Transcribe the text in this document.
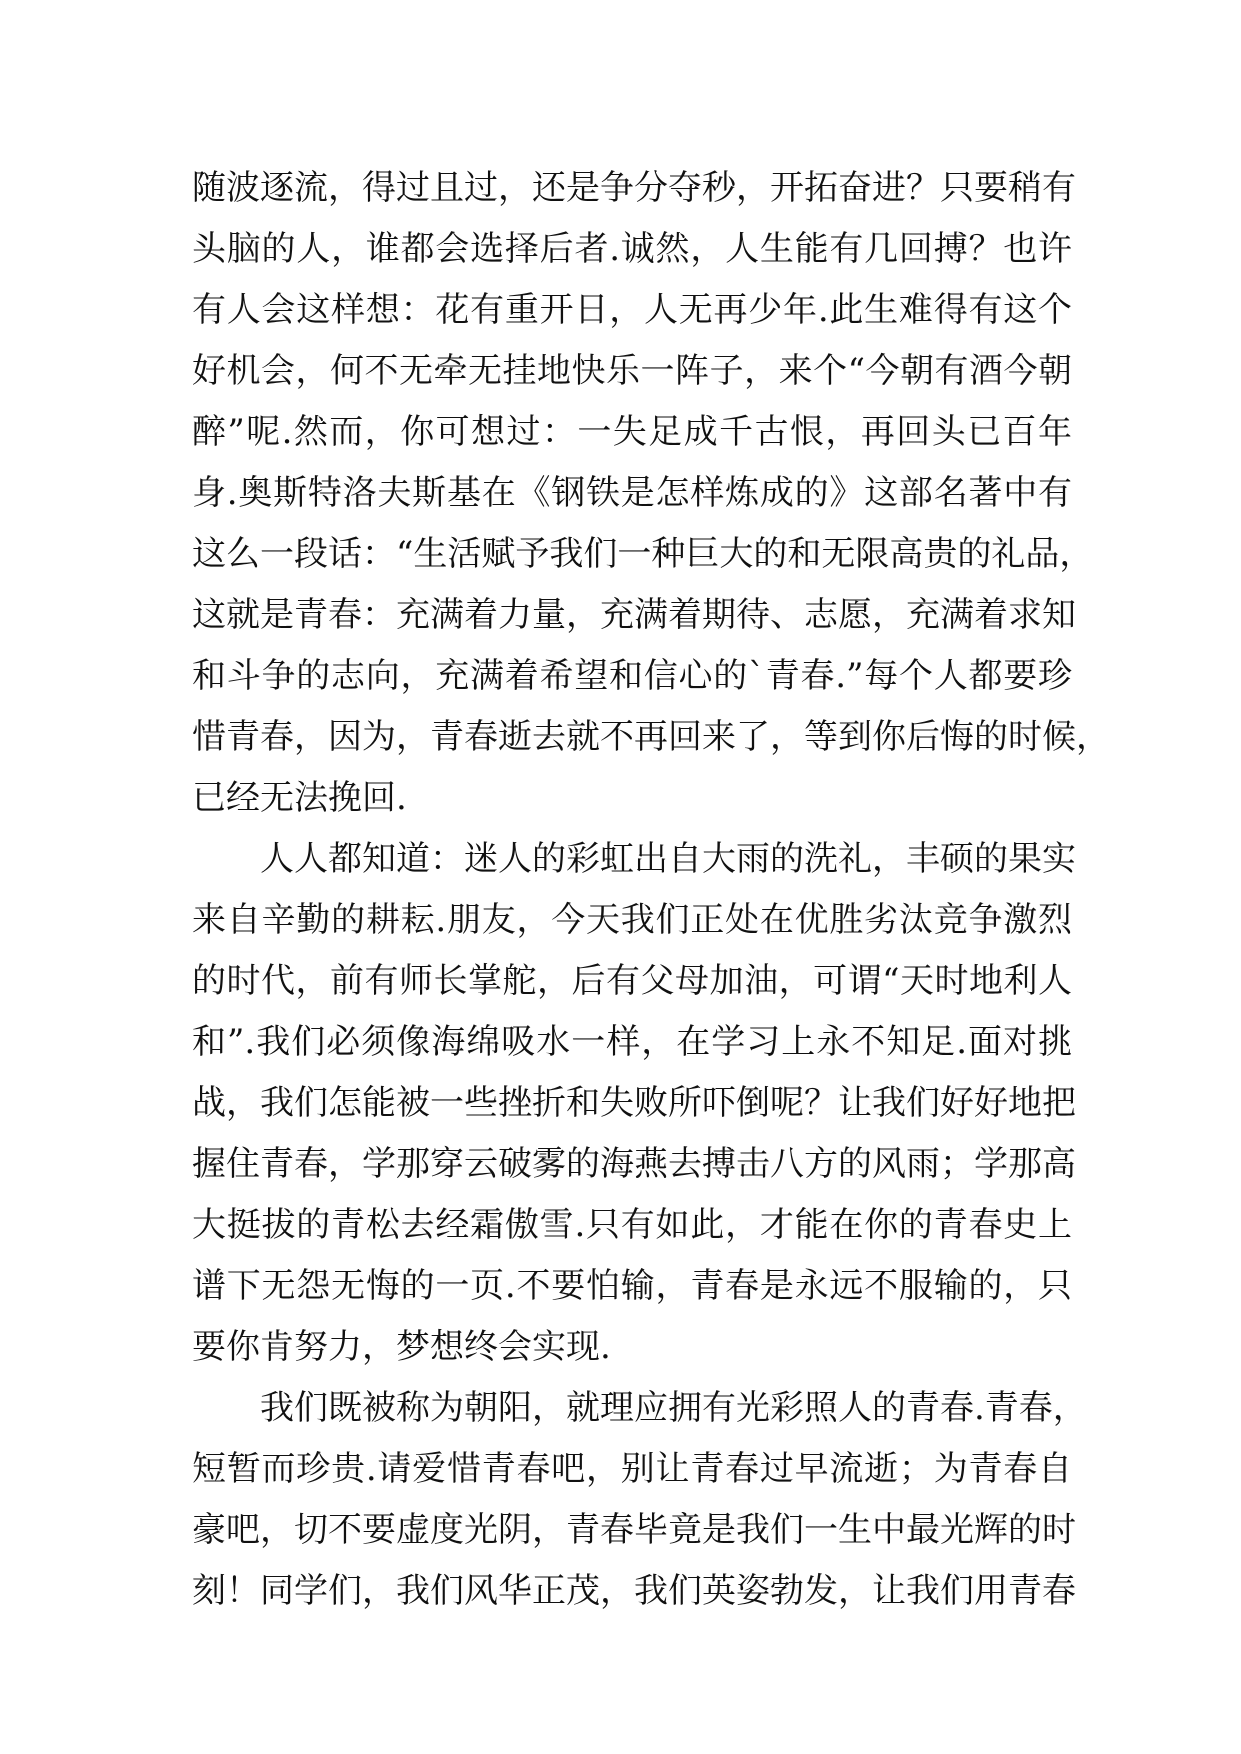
随波逐流，得过且过，还是争分夺秒，开拓奋进？只要稍有
头脑的人，谁都会选择后者.诚然，人生能有几回搏？也许
有人会这样想：花有重开日，人无再少年.此生难得有这个
好机会，何不无牵无挂地快乐一阵子，来个“今朝有酒今朝
醉”呢.然而，你可想过：一失足成千古恨，再回头已百年
身.奥斯特洛夫斯基在《钢铁是怎样炼成的》这部名著中有
这么一段话：“生活赋予我们一种巨大的和无限高贵的礼品，
这就是青春：充满着力量，充满着期待、志愿，充满着求知
和斗争的志向，充满着希望和信心的`青春.”每个人都要珍
惜青春，因为，青春逝去就不再回来了，等到你后悔的时候，
已经无法挽回.
人人都知道：迷人的彩虹出自大雨的洗礼，丰硕的果实
来自辛勤的耕耘.朋友，今天我们正处在优胜劣汰竞争激烈
的时代，前有师长掌舵，后有父母加油，可谓“天时地利人
和”.我们必须像海绵吸水一样，在学习上永不知足.面对挑
战，我们怎能被一些挫折和失败所吓倒呢？让我们好好地把
握住青春，学那穿云破雾的海燕去搏击八方的风雨；学那高
大挺拔的青松去经霜傲雪.只有如此，才能在你的青春史上
谱下无怨无悔的一页.不要怕输，青春是永远不服输的，只
要你肯努力，梦想终会实现.
我们既被称为朝阳，就理应拥有光彩照人的青春.青春，
短暂而珍贵.请爱惜青春吧，别让青春过早流逝；为青春自
豪吧，切不要虚度光阴，青春毕竟是我们一生中最光辉的时
刻！同学们，我们风华正茂，我们英姿勃发，让我们用青春
